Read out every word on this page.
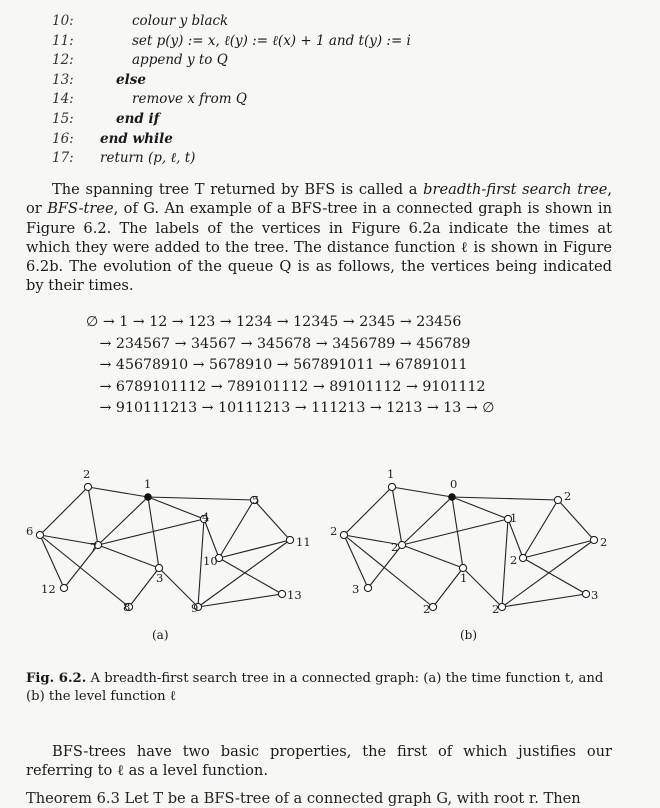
10:	colour y black
11:	set p(y) := x, ℓ(y) := ℓ(x) + 1 and t(y) := i
12:	append y to Q
13:	else
14:	remove x from Q
15:	end if
16:	end while
17:	return (p, ℓ, t)
The spanning tree T returned by BFS is called a breadth-first search tree, or BFS-tree, of G. An example of a BFS-tree in a connected graph is shown in Figure 6.2. The labels of the vertices in Figure 6.2a indicate the times at which they were added to the tree. The distance function ℓ is shown in Figure 6.2b. The evolution of the queue Q is as follows, the vertices being indicated by their times.
∅ → 1 → 12 → 123 → 1234 → 12345 → 2345 → 23456
→ 234567 → 34567 → 345678 → 3456789 → 456789
→ 45678910 → 5678910 → 567891011 → 67891011
→ 6789101112 → 789101112 → 89101112 → 9101112
→ 910111213 → 10111213 → 111213 → 1213 → 13 → ∅
1
2
3
4
5
6
7
8	9
10
11
12	13
0
1
1
1
2
2
2
2	2
2
2
3	3
(a)	(b)
Fig. 6.2. A breadth-first search tree in a connected graph: (a) the time function t, and (b) the level function ℓ
BFS-trees have two basic properties, the first of which justifies our referring to ℓ as a level function.
Theorem 6.3 Let T be a BFS-tree of a connected graph G, with root r. Then
